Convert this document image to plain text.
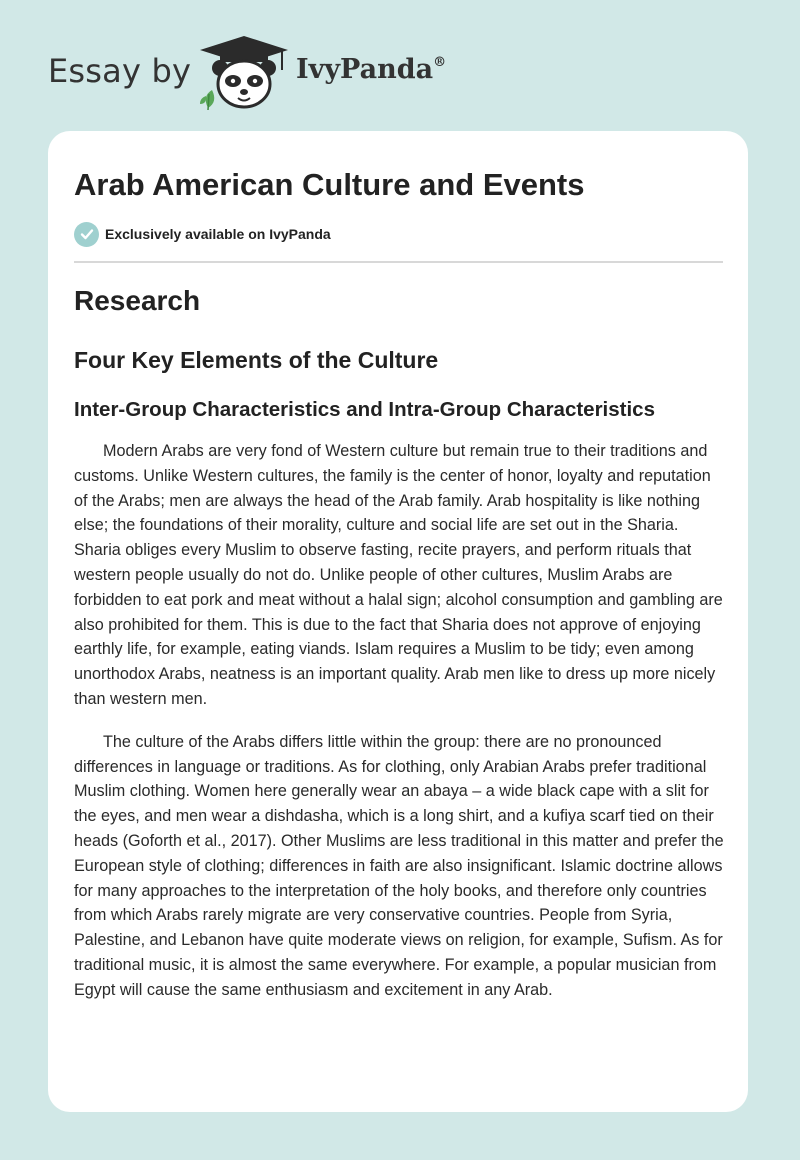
Essay by	IvyPanda®
Arab American Culture and Events
Exclusively available on IvyPanda
Research
Four Key Elements of the Culture
Inter-Group Characteristics and Intra-Group Characteristics

Modern Arabs are very fond of Western culture but remain true to their traditions and customs. Unlike Western cultures, the family is the center of honor, loyalty and reputation of the Arabs; men are always the head of the Arab family. Arab hospitality is like nothing else; the foundations of their morality, culture and social life are set out in the Sharia. Sharia obliges every Muslim to observe fasting, recite prayers, and perform rituals that western people usually do not do. Unlike people of other cultures, Muslim Arabs are forbidden to eat pork and meat without a halal sign; alcohol consumption and gambling are also prohibited for them. This is due to the fact that Sharia does not approve of enjoying earthly life, for example, eating viands. Islam requires a Muslim to be tidy; even among unorthodox Arabs, neatness is an important quality. Arab men like to dress up more nicely than western men.

The culture of the Arabs differs little within the group: there are no pronounced differences in language or traditions. As for clothing, only Arabian Arabs prefer traditional Muslim clothing. Women here generally wear an abaya – a wide black cape with a slit for the eyes, and men wear a dishdasha, which is a long shirt, and a kufiya scarf tied on their heads (Goforth et al., 2017). Other Muslims are less traditional in this matter and prefer the European style of clothing; differences in faith are also insignificant. Islamic doctrine allows for many approaches to the interpretation of the holy books, and therefore only countries from which Arabs rarely migrate are very conservative countries. People from Syria, Palestine, and Lebanon have quite moderate views on religion, for example, Sufism. As for traditional music, it is almost the same everywhere. For example, a popular musician from Egypt will cause the same enthusiasm and excitement in any Arab.
